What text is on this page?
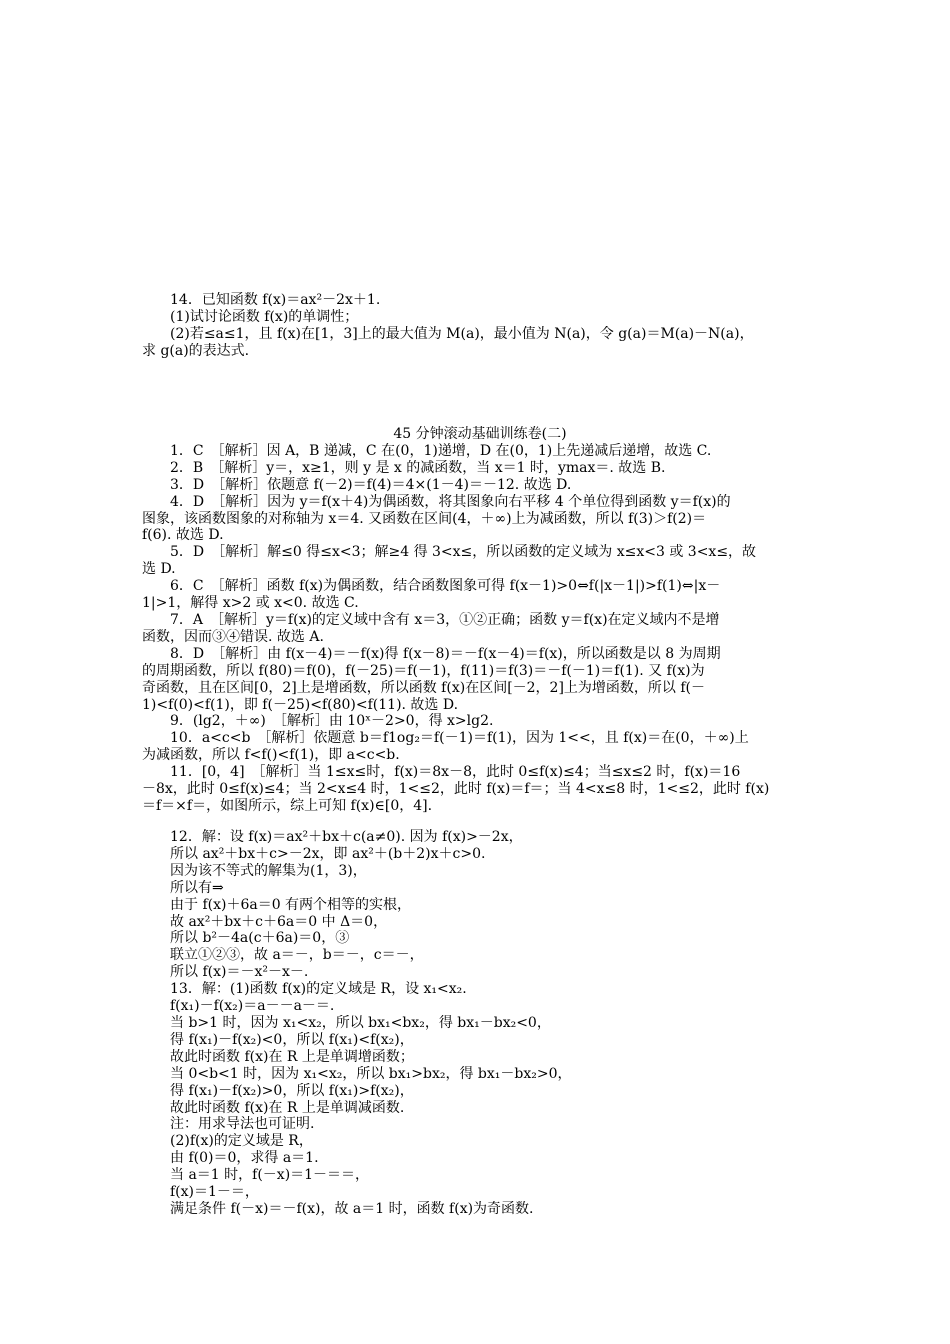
14．已知函数 f(x)＝ax²－2x＋1.
(1)试讨论函数 f(x)的单调性；
(2)若≤a≤1，且 f(x)在[1，3]上的最大值为 M(a)，最小值为 N(a)，令 g(a)＝M(a)－N(a)，
求 g(a)的表达式.
45 分钟滚动基础训练卷(二)
1．C　［解析］因 A，B 递减，C 在(0，1)递增，D 在(0，1)上先递减后递增，故选 C.
2．B　［解析］y＝，x≥1，则 y 是 x 的减函数，当 x＝1 时，ymax＝. 故选 B.
3．D　［解析］依题意 f(－2)＝f(4)＝4×(1－4)＝－12. 故选 D.
4．D　［解析］因为 y＝f(x＋4)为偶函数，将其图象向右平移 4 个单位得到函数 y＝f(x)的
图象，该函数图象的对称轴为 x＝4. 又函数在区间(4，＋∞)上为减函数，所以 f(3)＞f(2)＝
f(6). 故选 D.
5．D　［解析］解≤0 得≤x<3；解≥4 得 3<x≤，所以函数的定义域为 x≤x<3 或 3<x≤，故
选 D.
6．C　［解析］函数 f(x)为偶函数，结合函数图象可得 f(x－1)>0⇔f(|x－1|)>f(1)⇔|x－
1|>1，解得 x>2 或 x<0. 故选 C.
7．A　［解析］y＝f(x)的定义域中含有 x＝3，①②正确；函数 y＝f(x)在定义域内不是增
函数，因而③④错误. 故选 A.
8．D　［解析］由 f(x－4)＝－f(x)得 f(x－8)＝－f(x－4)＝f(x)，所以函数是以 8 为周期
的周期函数，所以 f(80)＝f(0)，f(－25)＝f(－1)，f(11)＝f(3)＝－f(－1)＝f(1). 又 f(x)为
奇函数，且在区间[0，2]上是增函数，所以函数 f(x)在区间[－2，2]上为增函数，所以 f(－
1)<f(0)<f(1)，即 f(－25)<f(80)<f(11). 故选 D.
9．(lg2，＋∞)　［解析］由 10ˣ－2>0，得 x>lg2.
10．a<c<b　［解析］依题意 b＝f1og₂＝f(－1)＝f(1)，因为 1<<，且 f(x)＝在(0，＋∞)上
为减函数，所以 f<f()<f(1)，即 a<c<b.
11．[0，4]　［解析］当 1≤x≤时，f(x)＝8x－8，此时 0≤f(x)≤4；当≤x≤2 时，f(x)＝16
－8x，此时 0≤f(x)≤4；当 2<x≤4 时，1<≤2，此时 f(x)＝f＝；当 4<x≤8 时，1<≤2，此时 f(x)
＝f＝×f＝，如图所示，综上可知 f(x)∈[0，4].
12．解：设 f(x)＝ax²＋bx＋c(a≠0). 因为 f(x)>－2x，
所以 ax²＋bx＋c>－2x，即 ax²＋(b＋2)x＋c>0.
因为该不等式的解集为(1，3)，
所以有⇒
由于 f(x)＋6a＝0 有两个相等的实根，
故 ax²＋bx＋c＋6a＝0 中 Δ＝0，
所以 b²－4a(c＋6a)＝0，③
联立①②③，故 a＝－，b＝－，c＝－，
所以 f(x)＝－x²－x－.
13．解：(1)函数 f(x)的定义域是 R，设 x₁<x₂.
f(x₁)－f(x₂)＝a－－a－＝.
当 b>1 时，因为 x₁<x₂，所以 bx₁<bx₂，得 bx₁－bx₂<0，
得 f(x₁)－f(x₂)<0，所以 f(x₁)<f(x₂)，
故此时函数 f(x)在 R 上是单调增函数；
当 0<b<1 时，因为 x₁<x₂，所以 bx₁>bx₂，得 bx₁－bx₂>0，
得 f(x₁)－f(x₂)>0，所以 f(x₁)>f(x₂)，
故此时函数 f(x)在 R 上是单调减函数.
注：用求导法也可证明.
(2)f(x)的定义域是 R，
由 f(0)＝0，求得 a＝1.
当 a＝1 时，f(－x)＝1－＝＝，
f(x)＝1－＝，
满足条件 f(－x)＝－f(x)，故 a＝1 时，函数 f(x)为奇函数.
